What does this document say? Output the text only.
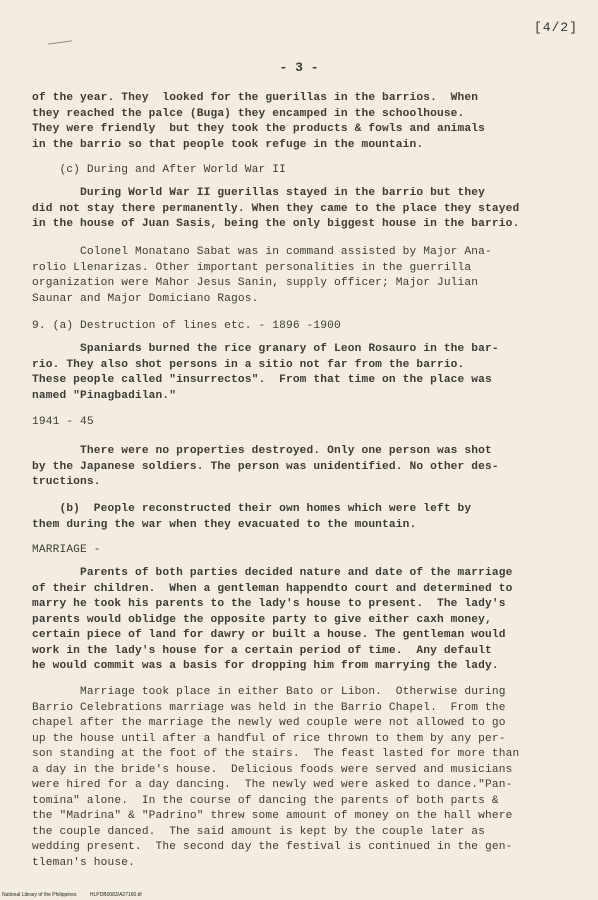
[4/2]
- 3 -
of the year. They  looked for the guerillas in the barrios.  When
they reached the palce (Buga) they encamped in the schoolhouse.
They were friendly  but they took the products & fowls and animals
in the barrio so that people took refuge in the mountain.
(c) During and After World War II
During World War II guerillas stayed in the barrio but they
did not stay there permanently. When they came to the place they stayed
in the house of Juan Sasis, being the only biggest house in the barrio.
Colonel Monatano Sabat was in command assisted by Major Ana-
rolio Llenarizas. Other important personalities in the guerrilla
organization were Mahor Jesus Sanin, supply officer; Major Julian
Saunar and Major Domiciano Ragos.
9. (a) Destruction of lines etc. - 1896 -1900
Spaniards burned the rice granary of Leon Rosauro in the bar-
rio. They also shot persons in a sitio not far from the barrio.
These people called "insurrectos".  From that time on the place was
named "Pinagbadilan."
1941 - 45
There were no properties destroyed. Only one person was shot
by the Japanese soldiers. The person was unidentified. No other des-
tructions.
(b)  People reconstructed their own homes which were left by
them during the war when they evacuated to the mountain.
MARRIAGE -
Parents of both parties decided nature and date of the marriage
of their children.  When a gentleman happendto court and determined to
marry he took his parents to the lady's house to present.  The lady's
parents would oblidge the opposite party to give either caxh money,
certain piece of land for dawry or built a house. The gentleman would
work in the lady's house for a certain period of time.  Any default
he would commit was a basis for dropping him from marrying the lady.
Marriage took place in either Bato or Libon.  Otherwise during
Barrio Celebrations marriage was held in the Barrio Chapel.  From the
chapel after the marriage the newly wed couple were not allowed to go
up the house until after a handful of rice thrown to them by any per-
son standing at the foot of the stairs.  The feast lasted for more than
a day in the bride's house.  Delicious foods were served and musicians
were hired for a day dancing.  The newly wed were asked to dance."Pan-
tomina" alone.  In the course of dancing the parents of both parts &
the "Madrina" & "Padrino" threw some amount of money on the hall where
the couple danced.  The said amount is kept by the couple later as
wedding present.  The second day the festival is continued in the gen-
tleman's house.
National Library of the Philippines	HLPDB0083/A27160.tif
